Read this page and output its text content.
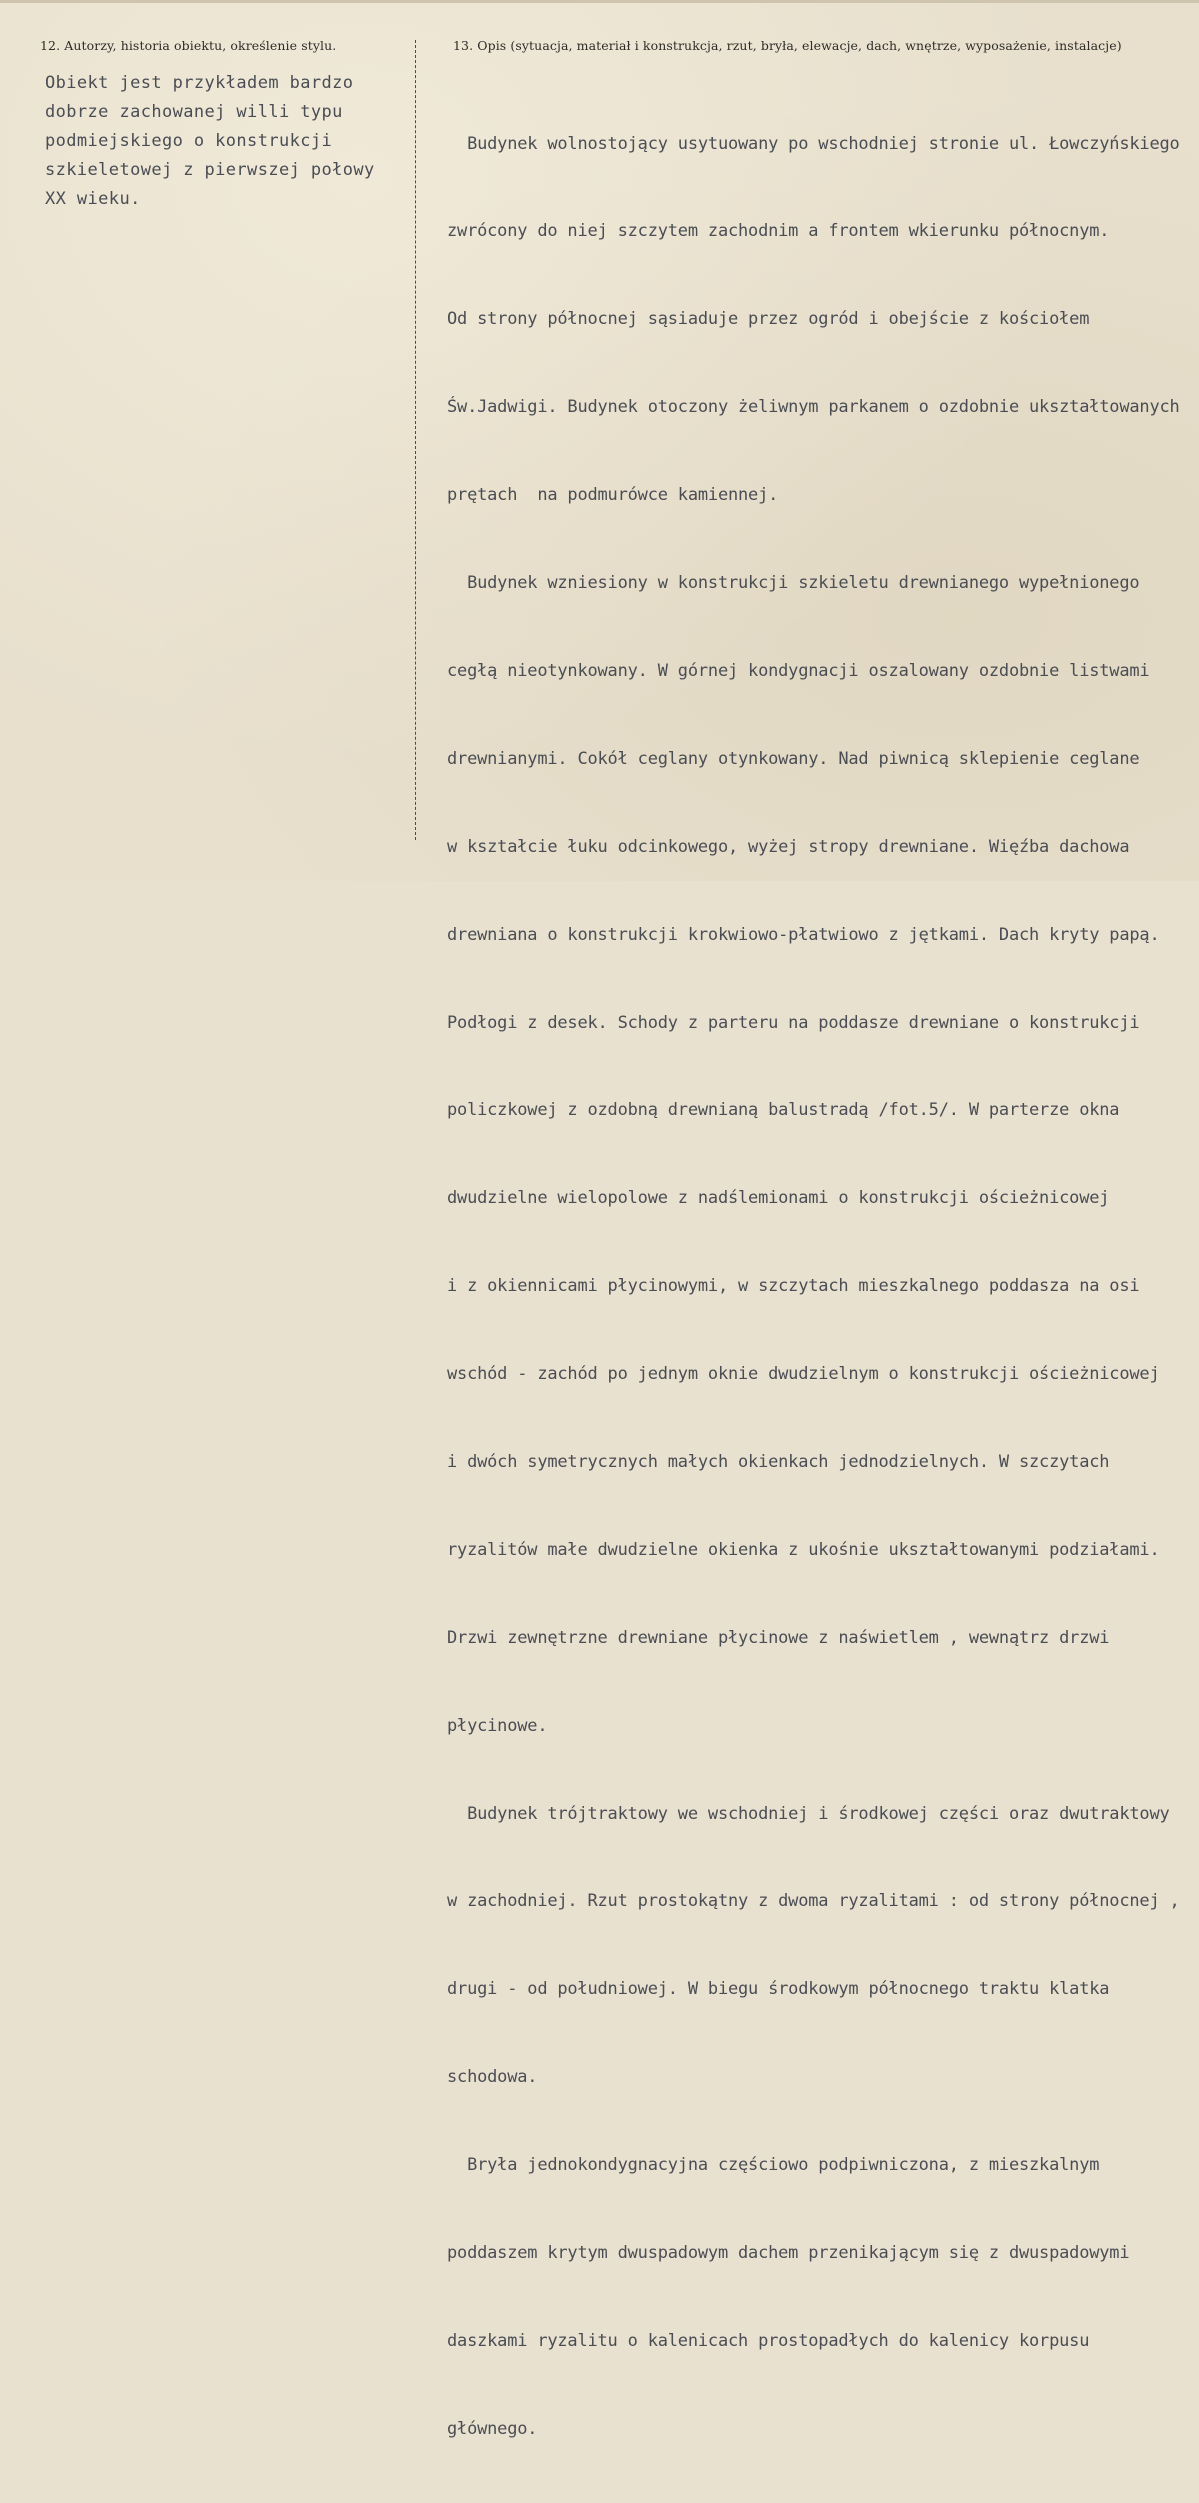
12. Autorzy, historia obiektu, określenie stylu.	13. Opis (sytuacja, materiał i konstrukcja, rzut, bryła, elewacje, dach, wnętrze, wyposażenie, instalacje)
Obiekt jest przykładem bardzo
dobrze zachowanej willi typu
podmiejskiego o konstrukcji
szkieletowej z pierwszej połowy
XX wieku.

Budynek wolnostojący usytuowany po wschodniej stronie ul. Łowczyńskiego

zwrócony do niej szczytem zachodnim a frontem wkierunku północnym.

Od strony północnej sąsiaduje przez ogród i obejście z kościołem

Św.Jadwigi. Budynek otoczony żeliwnym parkanem o ozdobnie ukształtowanych

prętach  na podmurówce kamiennej.

Budynek wzniesiony w konstrukcji szkieletu drewnianego wypełnionego

cegłą nieotynkowany. W górnej kondygnacji oszalowany ozdobnie listwami

drewnianymi. Cokół ceglany otynkowany. Nad piwnicą sklepienie ceglane

w kształcie łuku odcinkowego, wyżej stropy drewniane. Więźba dachowa

drewniana o konstrukcji krokwiowo-płatwiowo z jętkami. Dach kryty papą.

Podłogi z desek. Schody z parteru na poddasze drewniane o konstrukcji

policzkowej z ozdobną drewnianą balustradą /fot.5/. W parterze okna

dwudzielne wielopolowe z nadślemionami o konstrukcji ościeżnicowej

i z okiennicami płycinowymi, w szczytach mieszkalnego poddasza na osi

wschód - zachód po jednym oknie dwudzielnym o konstrukcji ościeżnicowej

i dwóch symetrycznych małych okienkach jednodzielnych. W szczytach

ryzalitów małe dwudzielne okienka z ukośnie ukształtowanymi podziałami.

Drzwi zewnętrzne drewniane płycinowe z naświetlem , wewnątrz drzwi

płycinowe.

Budynek trójtraktowy we wschodniej i środkowej części oraz dwutraktowy

w zachodniej. Rzut prostokątny z dwoma ryzalitami : od strony północnej ,

drugi - od południowej. W biegu środkowym północnego traktu klatka

schodowa.

Bryła jednokondygnacyjna częściowo podpiwniczona, z mieszkalnym

poddaszem krytym dwuspadowym dachem przenikającym się z dwuspadowymi

daszkami ryzalitu o kalenicach prostopadłych do kalenicy korpusu

głównego.
